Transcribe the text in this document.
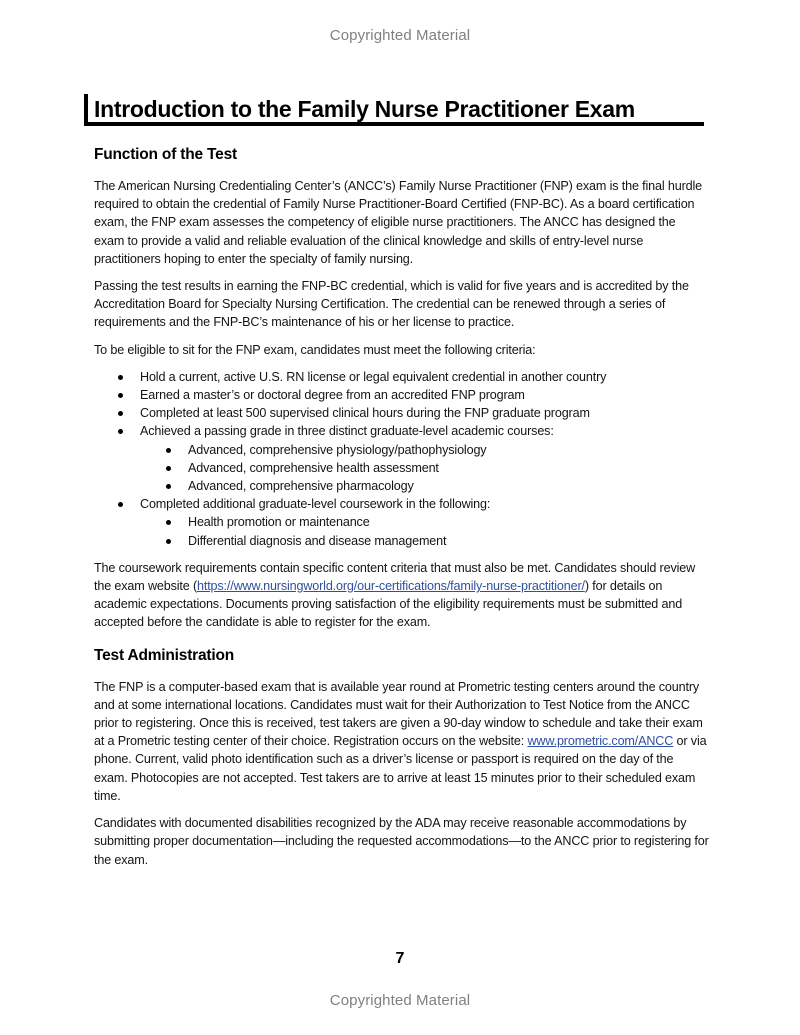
Copyrighted Material
Introduction to the Family Nurse Practitioner Exam
Function of the Test

The American Nursing Credentialing Center’s (ANCC’s) Family Nurse Practitioner (FNP) exam is the final hurdle required to obtain the credential of Family Nurse Practitioner-Board Certified (FNP-BC). As a board certification exam, the FNP exam assesses the competency of eligible nurse practitioners. The ANCC has designed the exam to provide a valid and reliable evaluation of the clinical knowledge and skills of entry-level nurse practitioners hoping to enter the specialty of family nursing.

Passing the test results in earning the FNP-BC credential, which is valid for five years and is accredited by the Accreditation Board for Specialty Nursing Certification. The credential can be renewed through a series of requirements and the FNP-BC’s maintenance of his or her license to practice.

To be eligible to sit for the FNP exam, candidates must meet the following criteria:

Hold a current, active U.S. RN license or legal equivalent credential in another country
Earned a master’s or doctoral degree from an accredited FNP program
Completed at least 500 supervised clinical hours during the FNP graduate program
Achieved a passing grade in three distinct graduate-level academic courses:
Advanced, comprehensive physiology/pathophysiology
Advanced, comprehensive health assessment
Advanced, comprehensive pharmacology
Completed additional graduate-level coursework in the following:
Health promotion or maintenance
Differential diagnosis and disease management

The coursework requirements contain specific content criteria that must also be met. Candidates should review the exam website (https://www.nursingworld.org/our-certifications/family-nurse-practitioner/) for details on academic expectations. Documents proving satisfaction of the eligibility requirements must be submitted and accepted before the candidate is able to register for the exam.

Test Administration

The FNP is a computer-based exam that is available year round at Prometric testing centers around the country and at some international locations. Candidates must wait for their Authorization to Test Notice from the ANCC prior to registering. Once this is received, test takers are given a 90-day window to schedule and take their exam at a Prometric testing center of their choice. Registration occurs on the website: www.prometric.com/ANCC or via phone. Current, valid photo identification such as a driver’s license or passport is required on the day of the exam. Photocopies are not accepted. Test takers are to arrive at least 15 minutes prior to their scheduled exam time.

Candidates with documented disabilities recognized by the ADA may receive reasonable accommodations by submitting proper documentation—including the requested accommodations—to the ANCC prior to registering for the exam.

7
Copyrighted Material
